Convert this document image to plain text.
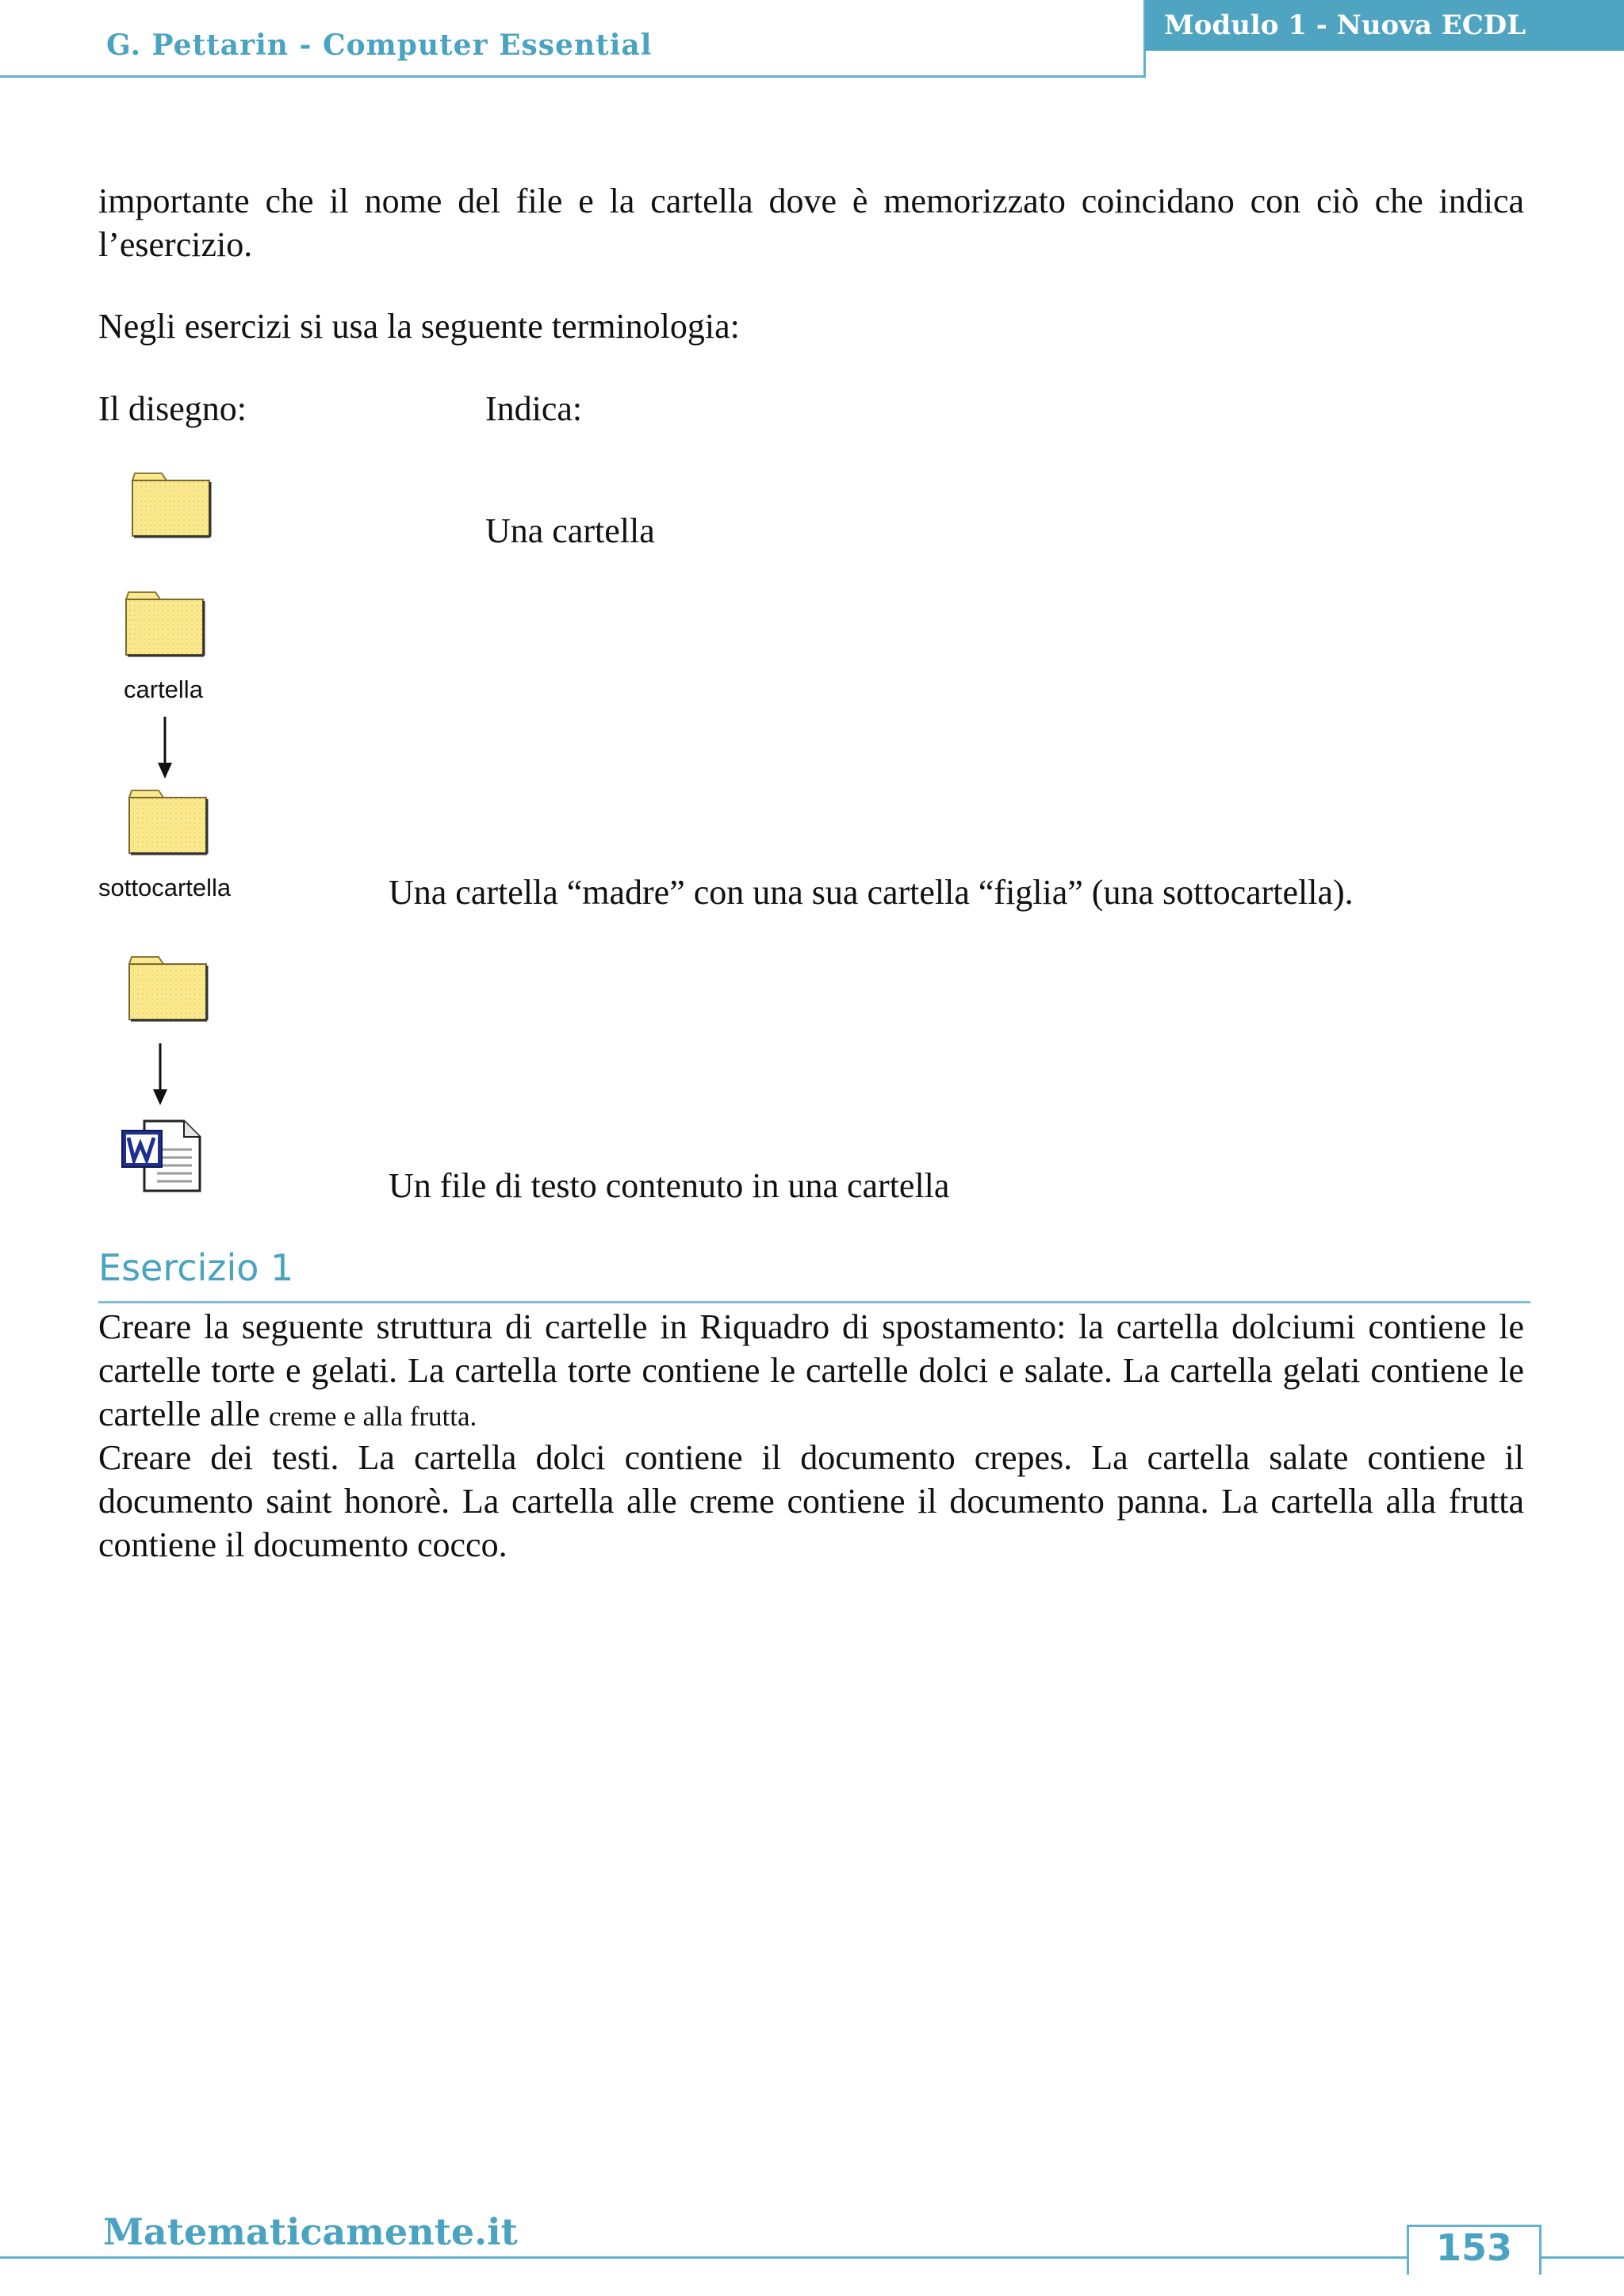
G. Pettarin - Computer Essential
Modulo 1 - Nuova ECDL
importante che il nome del file e la cartella dove è memorizzato coincidano con ciò che indica l’esercizio.
Negli esercizi si usa la seguente terminologia:
Il disegno:	Indica:
Una cartella
cartella
sottocartella	Una cartella “madre” con una sua cartella “figlia” (una sottocartella).
Un file di testo contenuto in una cartella
Esercizio 1
Creare la seguente struttura di cartelle in Riquadro di spostamento: la cartella dolciumi contiene le cartelle torte e gelati. La cartella torte contiene le cartelle dolci e salate. La cartella gelati contiene le cartelle alle creme e alla frutta.
Creare dei testi. La cartella dolci contiene il documento crepes. La cartella salate contiene il documento saint honorè. La cartella alle creme contiene il documento panna. La cartella alla frutta contiene il documento cocco.
Matematicamente.it	153
